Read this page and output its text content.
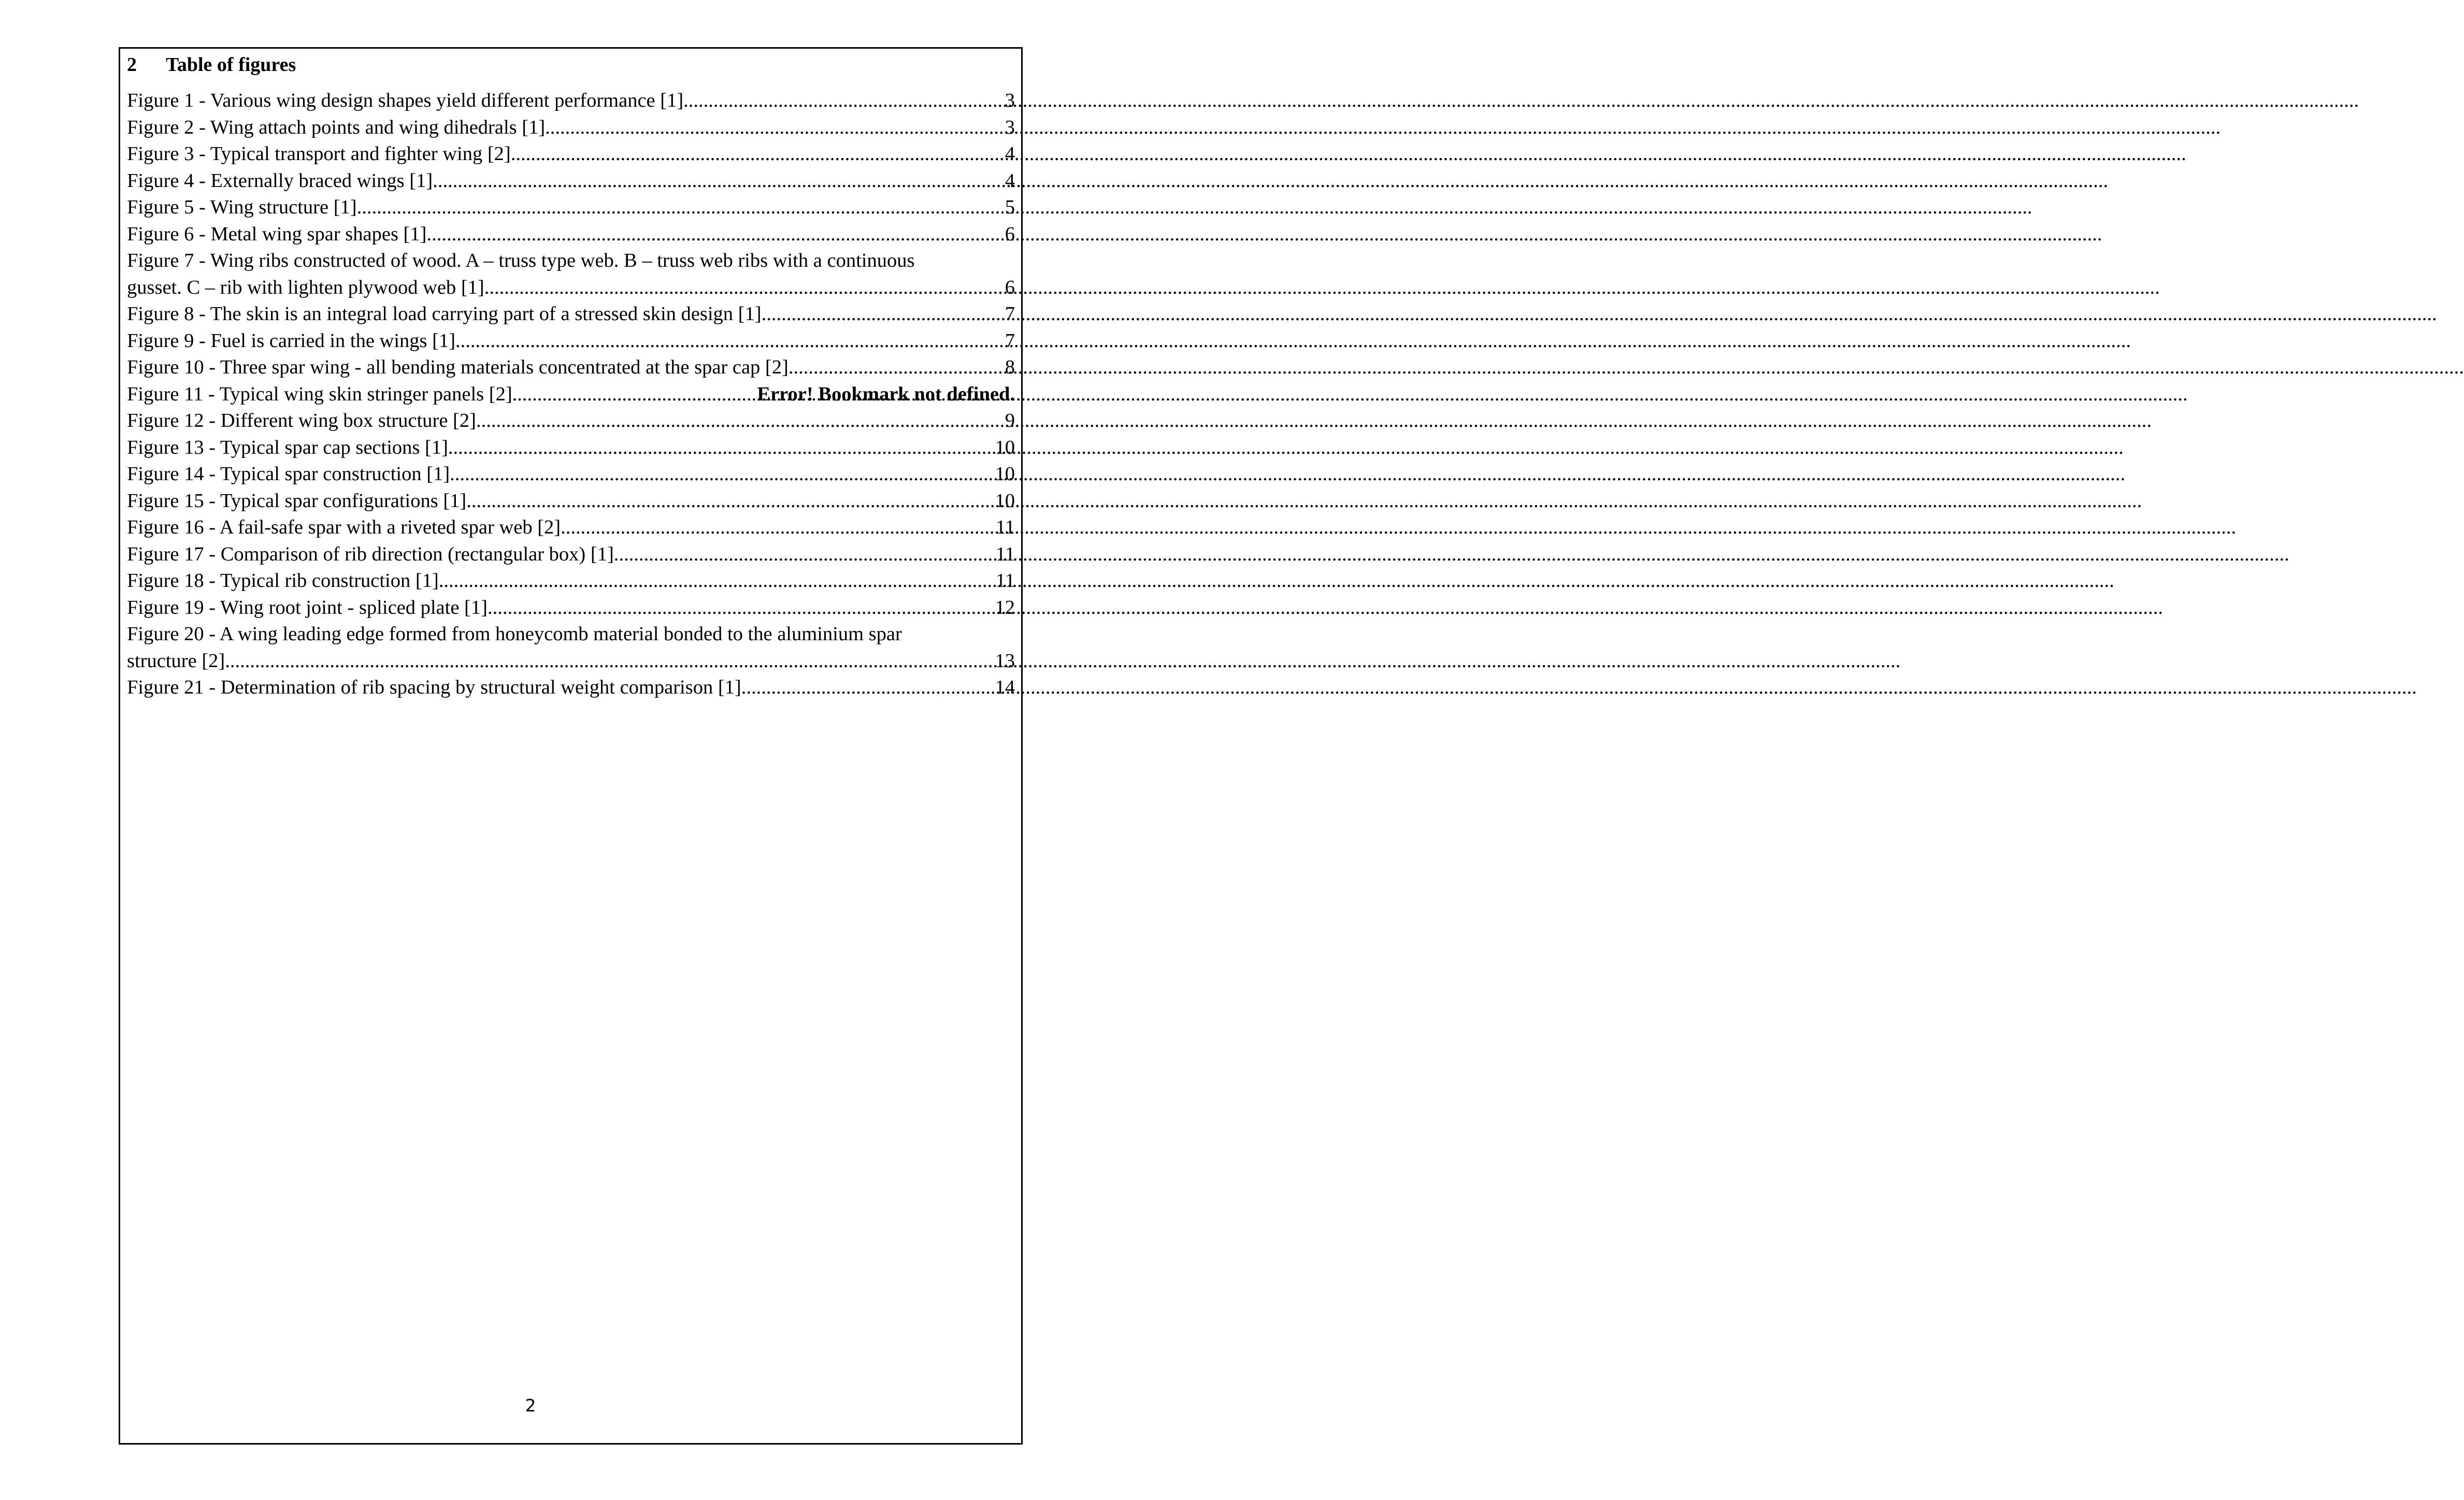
2 Table of figures
Figure 1 - Various wing design shapes yield different performance [1] .....	3
Figure 2 - Wing attach points and wing dihedrals [1] .....	3
Figure 3 - Typical transport and fighter wing [2] .....	4
Figure 4 - Externally braced wings [1] .....	4
Figure 5 - Wing structure [1] .....	5
Figure 6 - Metal wing spar shapes [1] .....	6
Figure 7 - Wing ribs constructed of wood. A – truss type web. B – truss web ribs with a continuous
gusset. C – rib with lighten plywood web [1] .....	6
Figure 8 - The skin is an integral load carrying part of a stressed skin design [1] .....	7
Figure 9 - Fuel is carried in the wings [1] .....	7
Figure 10 - Three spar wing - all bending materials concentrated at the spar cap [2] .....	8
Figure 11 - Typical wing skin stringer panels [2] .....	Error! Bookmark not defined.
Figure 12 - Different wing box structure [2] .....	9
Figure 13 - Typical spar cap sections [1] .....	10
Figure 14 - Typical spar construction [1] .....	10
Figure 15 - Typical spar configurations [1] .....	10
Figure 16 - A fail-safe spar with a riveted spar web [2] .....	11
Figure 17 - Comparison of rib direction (rectangular box) [1] .....	11
Figure 18 - Typical rib construction [1] .....	11
Figure 19 - Wing root joint - spliced plate [1] .....	12
Figure 20 - A wing leading edge formed from honeycomb material bonded to the aluminium spar
structure [2] .....	13
Figure 21 - Determination of rib spacing by structural weight comparison [1] .....	14
2
